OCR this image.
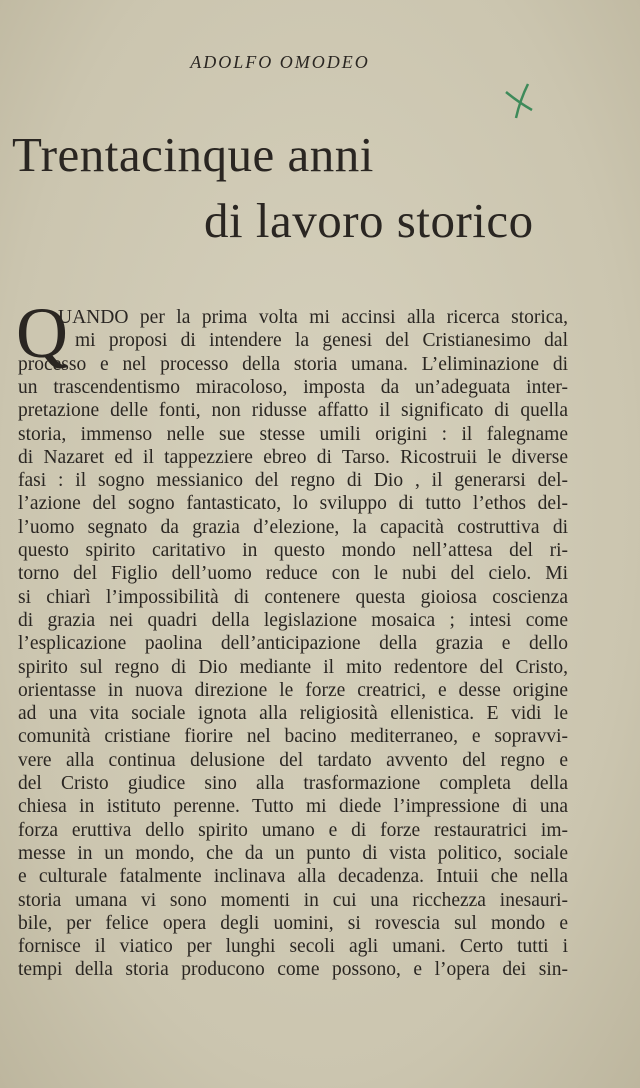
ADOLFO OMODEO
Trentacinque anni
di lavoro storico
Q
UANDO per la prima volta mi accinsi alla ricerca storica,
mi proposi di intendere la genesi del Cristianesimo dal
processo e nel processo della storia umana. L’eliminazione di
un trascendentismo miracoloso, imposta da un’adeguata inter-
pretazione delle fonti, non ridusse affatto il significato di quella
storia, immenso nelle sue stesse umili origini : il falegname
di Nazaret ed il tappezziere ebreo di Tarso. Ricostruii le diverse
fasi : il sogno messianico del regno di Dio , il generarsi del-
l’azione del sogno fantasticato, lo sviluppo di tutto l’ethos del-
l’uomo segnato da grazia d’elezione, la capacità costruttiva di
questo spirito caritativo in questo mondo nell’attesa del ri-
torno del Figlio dell’uomo reduce con le nubi del cielo. Mi
si chiarì l’impossibilità di contenere questa gioiosa coscienza
di grazia nei quadri della legislazione mosaica ; intesi come
l’esplicazione paolina dell’anticipazione della grazia e dello
spirito sul regno di Dio mediante il mito redentore del Cristo,
orientasse in nuova direzione le forze creatrici, e desse origine
ad una vita sociale ignota alla religiosità ellenistica. E vidi le
comunità cristiane fiorire nel bacino mediterraneo, e sopravvi-
vere alla continua delusione del tardato avvento del regno e
del Cristo giudice sino alla trasformazione completa della
chiesa in istituto perenne. Tutto mi diede l’impressione di una
forza eruttiva dello spirito umano e di forze restauratrici im-
messe in un mondo, che da un punto di vista politico, sociale
e culturale fatalmente inclinava alla decadenza. Intuii che nella
storia umana vi sono momenti in cui una ricchezza inesauri-
bile, per felice opera degli uomini, si rovescia sul mondo e
fornisce il viatico per lunghi secoli agli umani. Certo tutti i
tempi della storia producono come possono, e l’opera dei sin-
